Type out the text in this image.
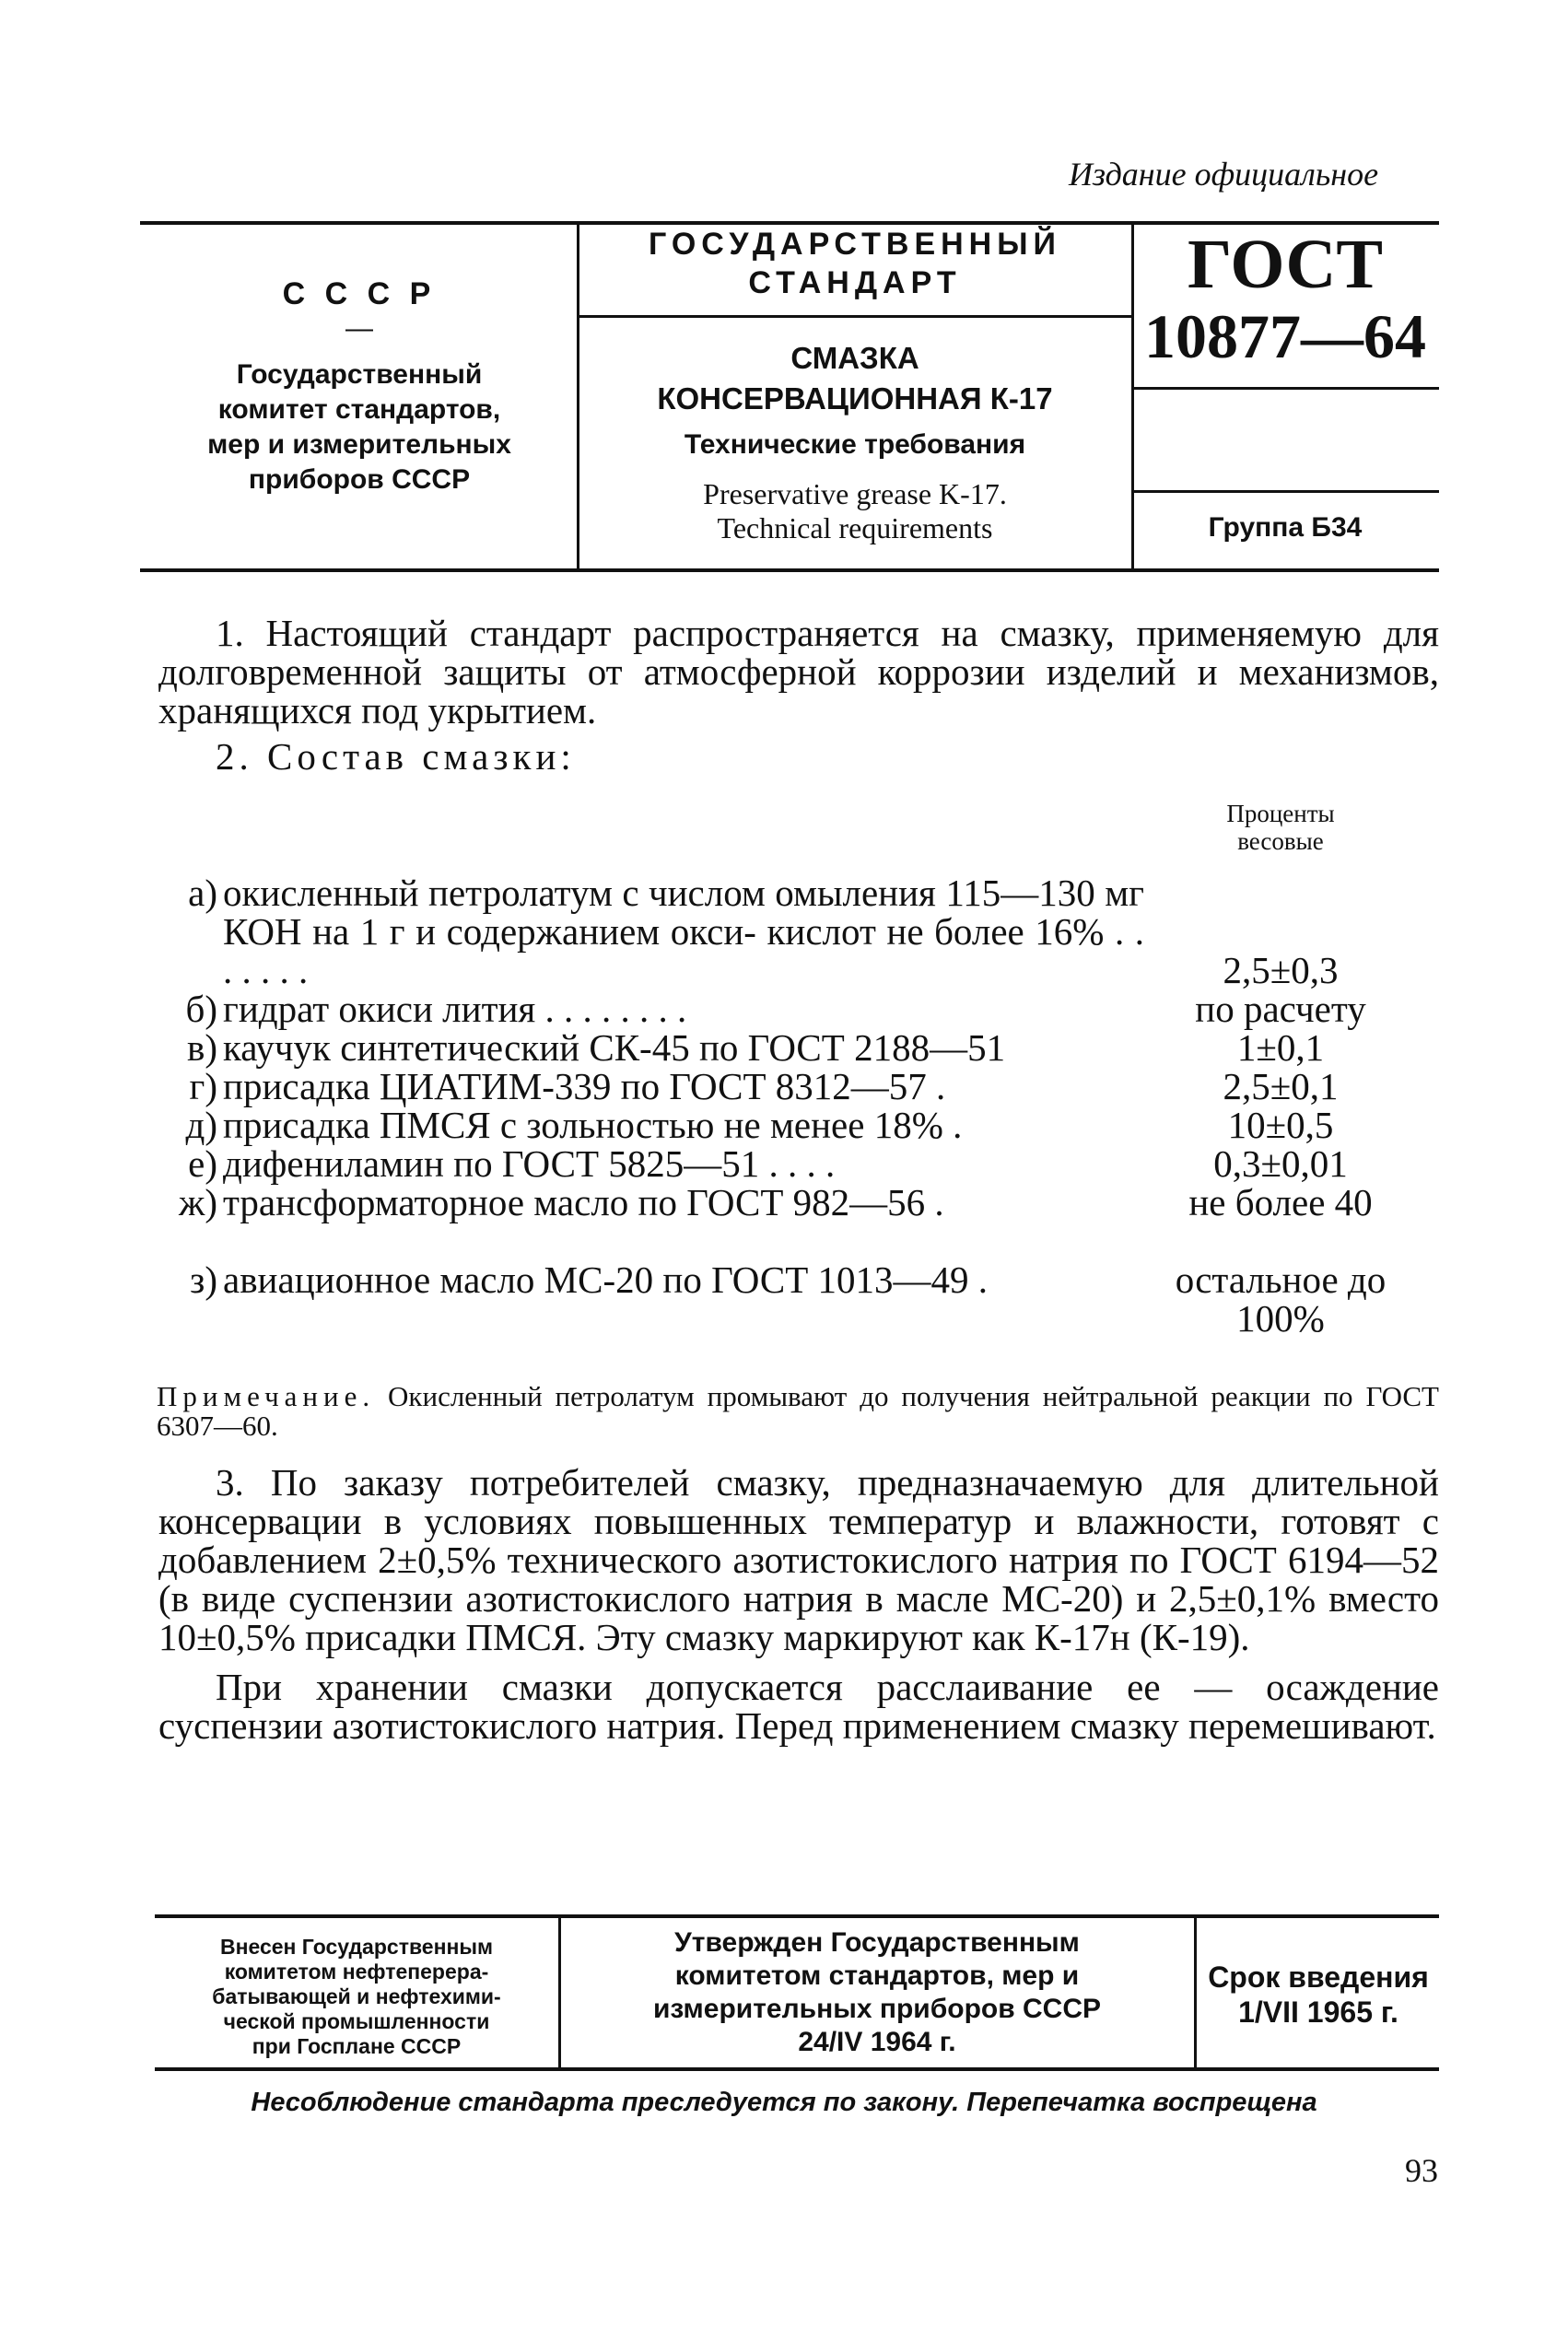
Издание официальное
С С С Р
—
Государственный
комитет стандартов,
мер и измерительных
приборов СССР
ГОСУДАРСТВЕННЫЙ
СТАНДАРТ
СМАЗКА
КОНСЕРВАЦИОННАЯ К-17
Технические требования
Preservative grease K-17.
Technical requirements
ГОСТ
10877—64
Группа Б34

1. Настоящий стандарт распространяется на смазку, применяемую для долговременной защиты от атмосферной коррозии изделий и механизмов, хранящихся под укрытием.

2. Состав смазки:

Проценты
весовые
а) окисленный петролатум с числом омыления 115—130 мг КОН на 1 г и содержанием окси- кислот не более 16% . . . . . . .	2,5±0,3
б) гидрат окиси лития . . . . . . . .	по расчету
в) каучук синтетический СК-45 по ГОСТ 2188—51	1±0,1
г) присадка ЦИАТИМ-339 по ГОСТ 8312—57 .	2,5±0,1
д) присадка ПМСЯ с зольностью не менее 18% .	10±0,5
е) дифениламин по ГОСТ 5825—51 . . . .	0,3±0,01
ж) трансформаторное масло по ГОСТ 982—56 .	не более 40
з) авиационное масло МС-20 по ГОСТ 1013—49 .	остальное до 100%
Примечание. Окисленный петролатум промывают до получения нейтральной реакции по ГОСТ 6307—60.

3. По заказу потребителей смазку, предназначаемую для длительной консервации в условиях повышенных температур и влажности, готовят с добавлением 2±0,5% технического азотистокислого натрия по ГОСТ 6194—52 (в виде суспензии азотистокислого натрия в масле МС-20) и 2,5±0,1% вместо 10±0,5% присадки ПМСЯ. Эту смазку маркируют как К-17н (К-19).

При хранении смазки допускается расслаивание ее — осаждение суспензии азотистокислого натрия. Перед применением смазку перемешивают.

Внесен Государственным
комитетом нефтеперера-
батывающей и нефтехими-
ческой промышленности
при Госплане СССР
Утвержден Государственным
комитетом стандартов, мер и
измерительных приборов СССР
24/IV 1964 г.
Срок введения
1/VII 1965 г.
Несоблюдение стандарта преследуется по закону. Перепечатка воспрещена
93
